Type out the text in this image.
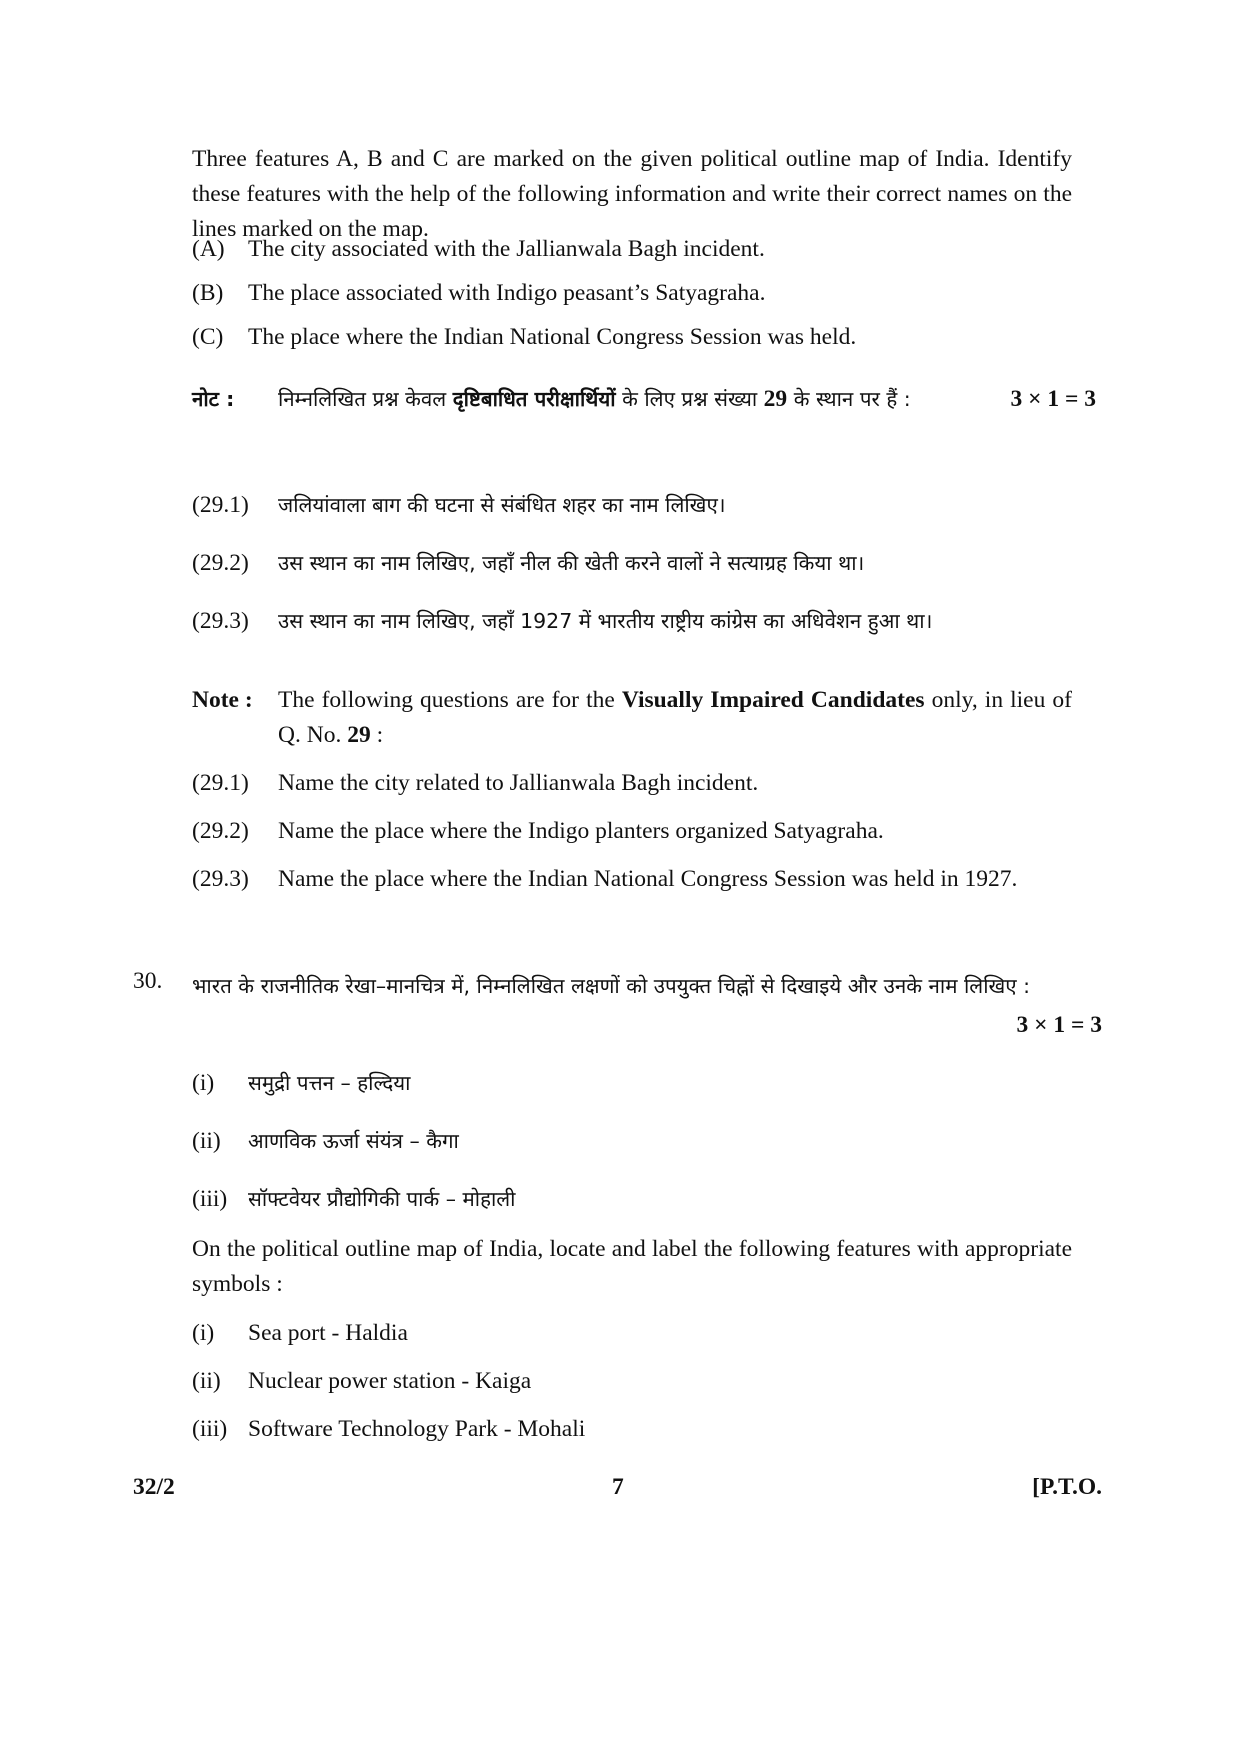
Three features A, B and C are marked on the given political outline map of India. Identify these features with the help of the following information and write their correct names on the lines marked on the map.
(A) The city associated with the Jallianwala Bagh incident.
(B)	The place associated with Indigo peasant’s Satyagraha.
(C)	The place where the Indian National Congress Session was held.
नोट :	निम्नलिखित प्रश्न केवल दृष्टिबाधित परीक्षार्थियों के लिए प्रश्न संख्या 29 के स्थान पर हैं :	3 × 1 = 3
(29.1)	जलियांवाला बाग की घटना से संबंधित शहर का नाम लिखिए।
(29.2)	उस स्थान का नाम लिखिए, जहाँ नील की खेती करने वालों ने सत्याग्रह किया था।
(29.3)	उस स्थान का नाम लिखिए, जहाँ 1927 में भारतीय राष्ट्रीय कांग्रेस का अधिवेशन हुआ था।
Note :	The following questions are for the Visually Impaired Candidates only, in lieu of Q. No. 29 :
(29.1)	Name the city related to Jallianwala Bagh incident.
(29.2)	Name the place where the Indigo planters organized Satyagraha.
(29.3)	Name the place where the Indian National Congress Session was held in 1927.
30. भारत के राजनीतिक रेखा–मानचित्र में, निम्नलिखित लक्षणों को उपयुक्त चिह्नों से दिखाइये और उनके नाम लिखिए :
3 × 1 = 3
(i)	समुद्री पत्तन – हल्दिया
(ii)	आणविक ऊर्जा संयंत्र – कैगा
(iii)	सॉफ्टवेयर प्रौद्योगिकी पार्क – मोहाली
On the political outline map of India, locate and label the following features with appropriate symbols :
(i)	Sea port - Haldia
(ii)	Nuclear power station - Kaiga
(iii) Software Technology Park - Mohali
32/2	7	[P.T.O.
